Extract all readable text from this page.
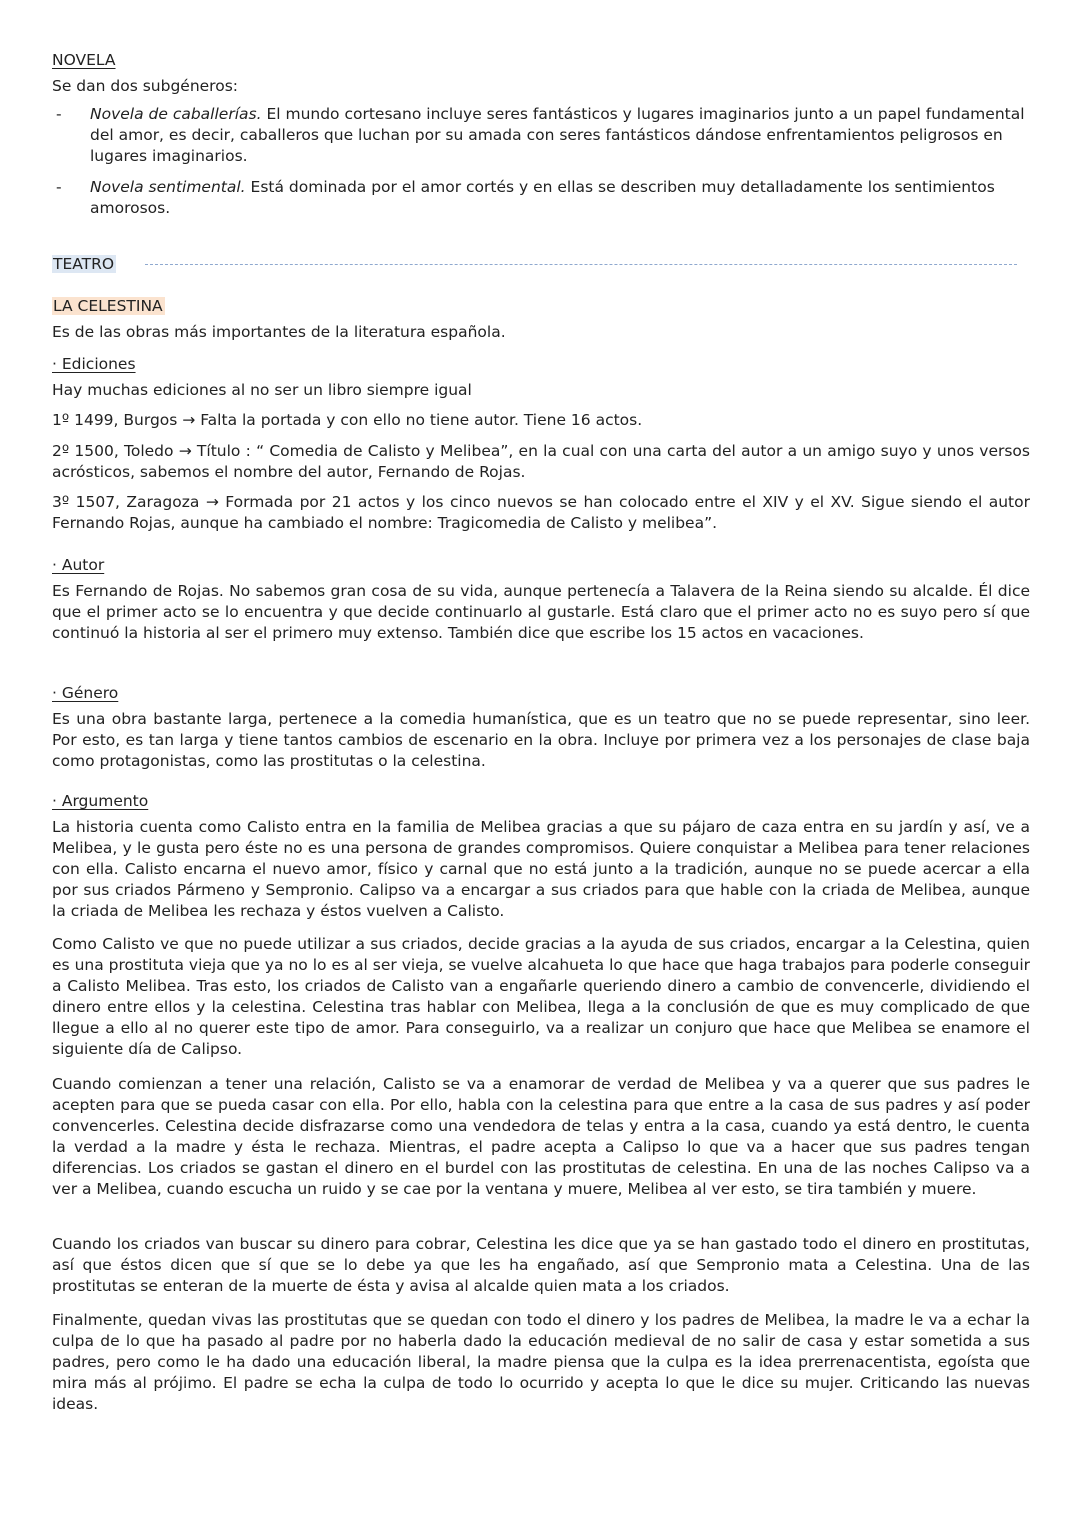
NOVELA

Se dan dos subgéneros:

- Novela de caballerías. El mundo cortesano incluye seres fantásticos y lugares imaginarios junto a un papel fundamental del amor, es decir, caballeros que luchan por su amada con seres fantásticos dándose enfrentamientos peligrosos en lugares imaginarios.

- Novela sentimental. Está dominada por el amor cortés y en ellas se describen muy detalladamente los sentimientos amorosos.

TEATRO

LA CELESTINA

Es de las obras más importantes de la literatura española.

· Ediciones

Hay muchas ediciones al no ser un libro siempre igual

1º 1499, Burgos → Falta la portada y con ello no tiene autor. Tiene 16 actos.

2º 1500, Toledo → Título : “ Comedia de Calisto y Melibea”, en la cual con una carta del autor a un amigo suyo y unos versos acrósticos, sabemos el nombre del autor, Fernando de Rojas.

3º 1507, Zaragoza → Formada por 21 actos y los cinco nuevos se han colocado entre el XIV y el XV. Sigue siendo el autor Fernando Rojas, aunque ha cambiado el nombre: Tragicomedia de Calisto y melibea”.

· Autor

Es Fernando de Rojas. No sabemos gran cosa de su vida, aunque pertenecía a Talavera de la Reina siendo su alcalde. Él dice que el primer acto se lo encuentra y que decide continuarlo al gustarle. Está claro que el primer acto no es suyo pero sí que continuó la historia al ser el primero muy extenso. También dice que escribe los 15 actos en vacaciones.

· Género

Es una obra bastante larga, pertenece a la comedia humanística, que es un teatro que no se puede representar, sino leer. Por esto, es tan larga y tiene tantos cambios de escenario en la obra. Incluye por primera vez a los personajes de clase baja como protagonistas, como las prostitutas o la celestina.

· Argumento

La historia cuenta como Calisto entra en la familia de Melibea gracias a que su pájaro de caza entra en su jardín y así, ve a Melibea, y le gusta pero éste no es una persona de grandes compromisos. Quiere conquistar a Melibea para tener relaciones con ella. Calisto encarna el nuevo amor, físico y carnal que no está junto a la tradición, aunque no se puede acercar a ella por sus criados Pármeno y Sempronio. Calipso va a encargar a sus criados para que hable con la criada de Melibea, aunque la criada de Melibea les rechaza y éstos vuelven a Calisto.

Como Calisto ve que no puede utilizar a sus criados, decide gracias a la ayuda de sus criados, encargar a la Celestina, quien es una prostituta vieja que ya no lo es al ser vieja, se vuelve alcahueta lo que hace que haga trabajos para poderle conseguir a Calisto Melibea. Tras esto, los criados de Calisto van a engañarle queriendo dinero a cambio de convencerle, dividiendo el dinero entre ellos y la celestina. Celestina tras hablar con Melibea, llega a la conclusión de que es muy complicado de que llegue a ello al no querer este tipo de amor. Para conseguirlo, va a realizar un conjuro que hace que Melibea se enamore el siguiente día de Calipso.

Cuando comienzan a tener una relación, Calisto se va a enamorar de verdad de Melibea y va a querer que sus padres le acepten para que se pueda casar con ella. Por ello, habla con la celestina para que entre a la casa de sus padres y así poder convencerles. Celestina decide disfrazarse como una vendedora de telas y entra a la casa, cuando ya está dentro, le cuenta la verdad a la madre y ésta le rechaza. Mientras, el padre acepta a Calipso lo que va a hacer que sus padres tengan diferencias. Los criados se gastan el dinero en el burdel con las prostitutas de celestina. En una de las noches Calipso va a ver a Melibea, cuando escucha un ruido y se cae por la ventana y muere, Melibea al ver esto, se tira también y muere.

Cuando los criados van buscar su dinero para cobrar, Celestina les dice que ya se han gastado todo el dinero en prostitutas, así que éstos dicen que sí que se lo debe ya que les ha engañado, así que Sempronio mata a Celestina. Una de las prostitutas se enteran de la muerte de ésta y avisa al alcalde quien mata a los criados.

Finalmente, quedan vivas las prostitutas que se quedan con todo el dinero y los padres de Melibea, la madre le va a echar la culpa de lo que ha pasado al padre por no haberla dado la educación medieval de no salir de casa y estar sometida a sus padres, pero como le ha dado una educación liberal, la madre piensa que la culpa es la idea prerrenacentista, egoísta que mira más al prójimo. El padre se echa la culpa de todo lo ocurrido y acepta lo que le dice su mujer. Criticando las nuevas ideas.
